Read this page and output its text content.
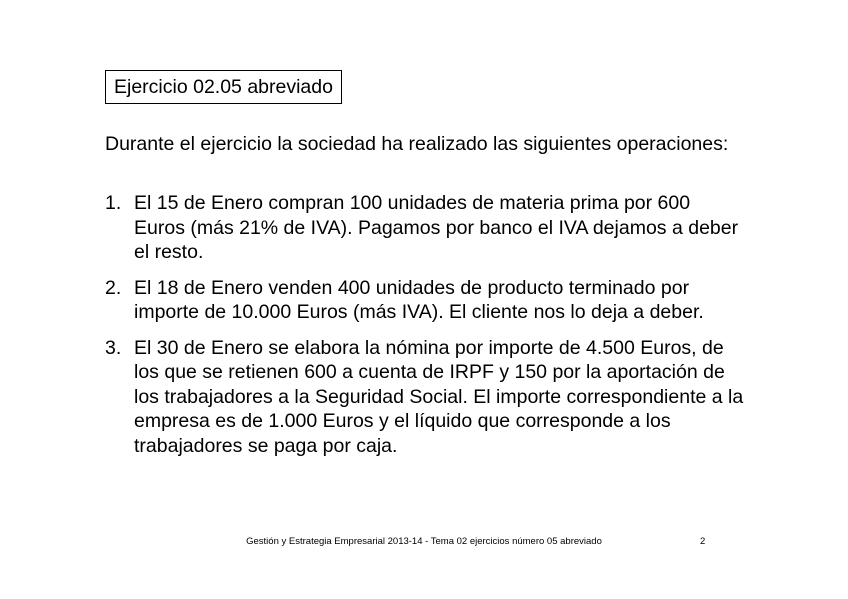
Ejercicio 02.05 abreviado

Durante el ejercicio la sociedad ha realizado las siguientes operaciones:

1. El 15 de Enero compran 100 unidades de materia prima por 600 Euros (más 21% de IVA). Pagamos por banco el IVA dejamos a deber el resto.
2. El 18 de Enero venden 400 unidades de producto terminado por importe de 10.000 Euros (más IVA). El cliente nos lo deja a deber.
3. El 30 de Enero se elabora la nómina por importe de 4.500 Euros, de los que se retienen 600 a cuenta de IRPF y 150 por la aportación de los trabajadores a la Seguridad Social. El importe correspondiente a la empresa es de 1.000 Euros y el líquido que corresponde a los trabajadores se paga por caja.
Gestión y Estrategia Empresarial 2013-14 - Tema 02 ejercicios número 05 abreviado	2
